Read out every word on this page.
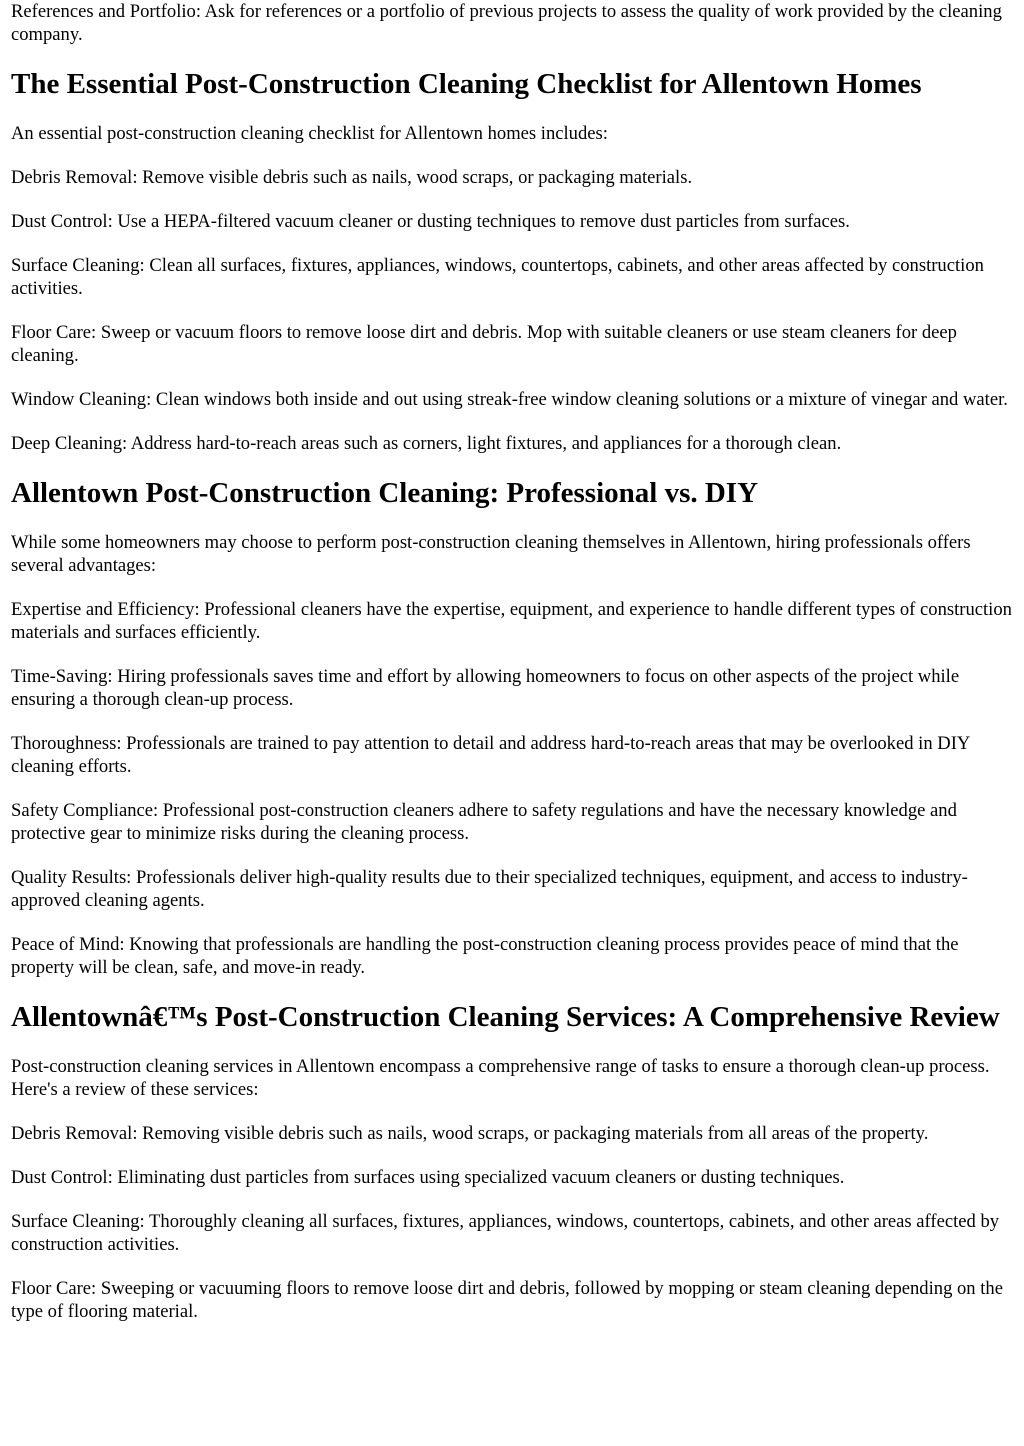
References and Portfolio: Ask for references or a portfolio of previous projects to assess the quality of work provided by the cleaning company.

The Essential Post-Construction Cleaning Checklist for Allentown Homes

An essential post-construction cleaning checklist for Allentown homes includes:

Debris Removal: Remove visible debris such as nails, wood scraps, or packaging materials.

Dust Control: Use a HEPA-filtered vacuum cleaner or dusting techniques to remove dust particles from surfaces.

Surface Cleaning: Clean all surfaces, fixtures, appliances, windows, countertops, cabinets, and other areas affected by construction activities.

Floor Care: Sweep or vacuum floors to remove loose dirt and debris. Mop with suitable cleaners or use steam cleaners for deep cleaning.

Window Cleaning: Clean windows both inside and out using streak-free window cleaning solutions or a mixture of vinegar and water.

Deep Cleaning: Address hard-to-reach areas such as corners, light fixtures, and appliances for a thorough clean.

Allentown Post-Construction Cleaning: Professional vs. DIY

While some homeowners may choose to perform post-construction cleaning themselves in Allentown, hiring professionals offers several advantages:

Expertise and Efficiency: Professional cleaners have the expertise, equipment, and experience to handle different types of construction materials and surfaces efficiently.

Time-Saving: Hiring professionals saves time and effort by allowing homeowners to focus on other aspects of the project while ensuring a thorough clean-up process.

Thoroughness: Professionals are trained to pay attention to detail and address hard-to-reach areas that may be overlooked in DIY cleaning efforts.

Safety Compliance: Professional post-construction cleaners adhere to safety regulations and have the necessary knowledge and protective gear to minimize risks during the cleaning process.

Quality Results: Professionals deliver high-quality results due to their specialized techniques, equipment, and access to industry-approved cleaning agents.

Peace of Mind: Knowing that professionals are handling the post-construction cleaning process provides peace of mind that the property will be clean, safe, and move-in ready.

Allentownâ€™s Post-Construction Cleaning Services: A Comprehensive Review

Post-construction cleaning services in Allentown encompass a comprehensive range of tasks to ensure a thorough clean-up process. Here's a review of these services:

Debris Removal: Removing visible debris such as nails, wood scraps, or packaging materials from all areas of the property.

Dust Control: Eliminating dust particles from surfaces using specialized vacuum cleaners or dusting techniques.

Surface Cleaning: Thoroughly cleaning all surfaces, fixtures, appliances, windows, countertops, cabinets, and other areas affected by construction activities.

Floor Care: Sweeping or vacuuming floors to remove loose dirt and debris, followed by mopping or steam cleaning depending on the type of flooring material.
